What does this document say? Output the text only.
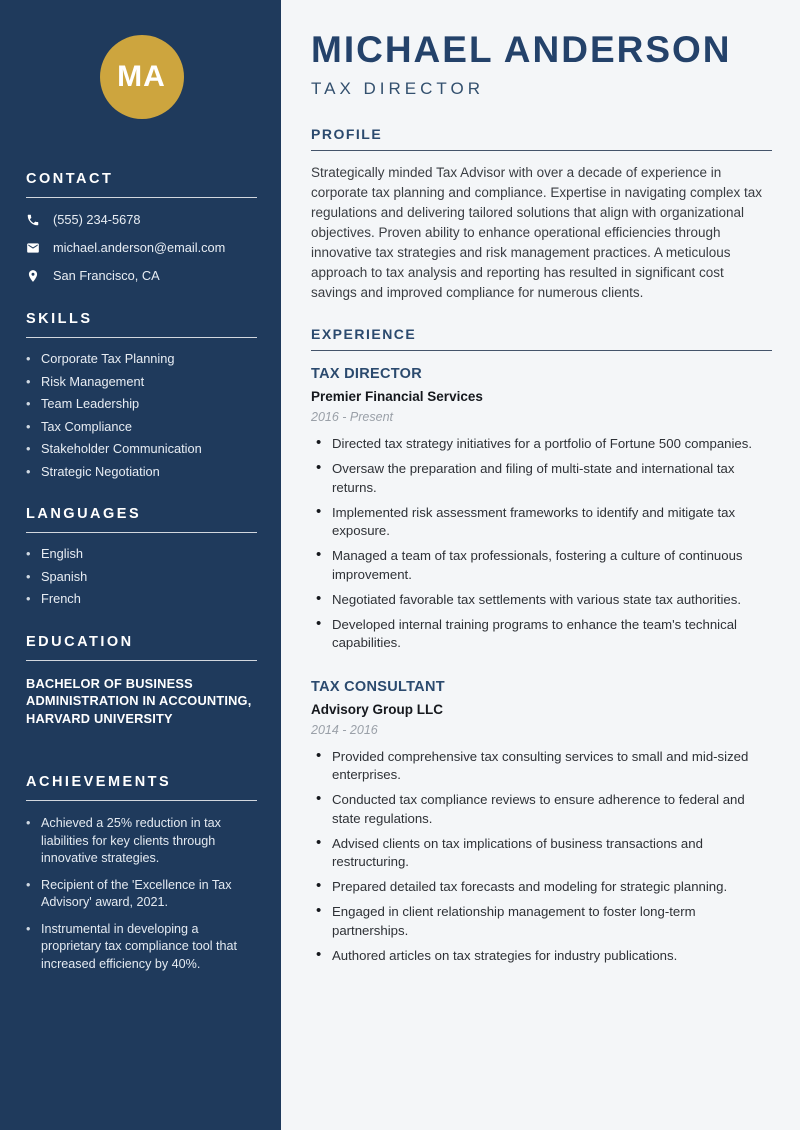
MA
CONTACT
(555) 234-5678
michael.anderson@email.com
San Francisco, CA
SKILLS
• Corporate Tax Planning
• Risk Management
• Team Leadership
• Tax Compliance
• Stakeholder Communication
• Strategic Negotiation
LANGUAGES
• English
• Spanish
• French
EDUCATION
BACHELOR OF BUSINESS ADMINISTRATION IN ACCOUNTING, HARVARD UNIVERSITY
ACHIEVEMENTS
• Achieved a 25% reduction in tax liabilities for key clients through innovative strategies.
• Recipient of the 'Excellence in Tax Advisory' award, 2021.
• Instrumental in developing a proprietary tax compliance tool that increased efficiency by 40%.
MICHAEL ANDERSON
TAX DIRECTOR
PROFILE

Strategically minded Tax Advisor with over a decade of experience in corporate tax planning and compliance. Expertise in navigating complex tax regulations and delivering tailored solutions that align with organizational objectives. Proven ability to enhance operational efficiencies through innovative tax strategies and risk management practices. A meticulous approach to tax analysis and reporting has resulted in significant cost savings and improved compliance for numerous clients.

EXPERIENCE
TAX DIRECTOR
Premier Financial Services
2016 - Present
• Directed tax strategy initiatives for a portfolio of Fortune 500 companies.
• Oversaw the preparation and filing of multi-state and international tax returns.
• Implemented risk assessment frameworks to identify and mitigate tax exposure.
• Managed a team of tax professionals, fostering a culture of continuous improvement.
• Negotiated favorable tax settlements with various state tax authorities.
• Developed internal training programs to enhance the team's technical capabilities.
TAX CONSULTANT
Advisory Group LLC
2014 - 2016
• Provided comprehensive tax consulting services to small and mid-sized enterprises.
• Conducted tax compliance reviews to ensure adherence to federal and state regulations.
• Advised clients on tax implications of business transactions and restructuring.
• Prepared detailed tax forecasts and modeling for strategic planning.
• Engaged in client relationship management to foster long-term partnerships.
• Authored articles on tax strategies for industry publications.
